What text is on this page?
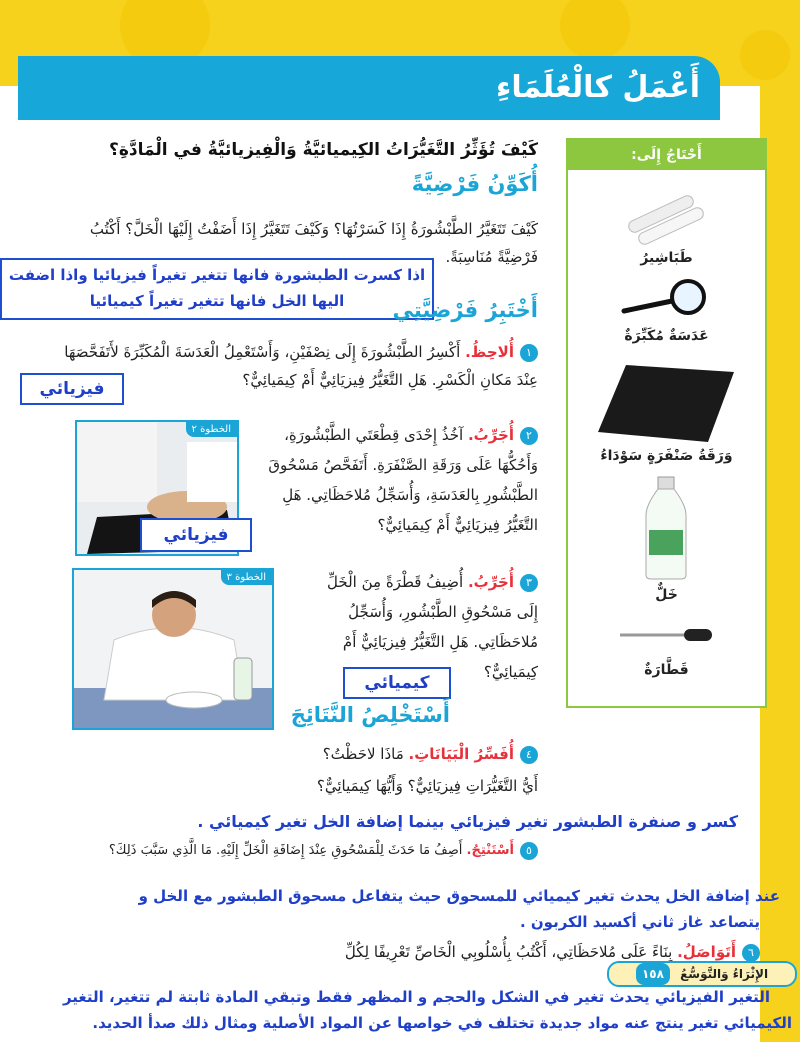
أَعْمَلُ كالْعُلَمَاءِ
أَحْتَاجُ إِلَى:
طَبَاشِيرُ
عَدَسَةٌ مُكَبِّرَةٌ
وَرَقَةُ صَنْفَرَةٍ سَوْدَاءُ
خَلٌّ
قَطَّارَةٌ
كَيْفَ تُؤَثِّرُ التَّغَيُّرَاتُ الكِيميائيَّةُ وَالْفِيزيائيَّةُ في الْمَادَّةِ؟
أُكَوِّنُ فَرْضِيَّةً
كَيْفَ تَتَغَيَّرُ الطَّبْشُورَةُ إِذَا كَسَرْتُهَا؟ وَكَيْفَ تَتَغَيَّرُ إِذَا أَضَفْتُ إِلَيْهَا الْخَلَّ؟ أَكْتُبُ فَرْضِيَّةً مُنَاسِبَةً.
اذا كسرت الطبشورة فانها تتغير تغيراً فيزيائيا واذا اضفت اليها الخل فانها تتغير تغيراً كيميائيا	أَخْتَبِرُ فَرْضِيَّتِي
١أُلاحِظُ. أَكْسِرُ الطَّبْشُورَةَ إِلَى نِصْفَيْنِ، وَأَسْتَعْمِلُ الْعَدَسَةَ الْمُكَبِّرَةَ لأَتَفَحَّصَهَا عِنْدَ مَكانِ الْكَسْرِ. هَلِ التَّغَيُّرُ فِيزيَائِيٌّ أَمْ كِيمَيائِيٌّ؟
فيزيائي
الخطوة ٢
فيزيائي
٢أُجَرِّبُ. آخُذُ إِحْدَى قِطْعَتَي الطَّبْشُورَةِ، وَأَحُكُّهَا عَلَى وَرَقَةِ الصَّنْفَرَةِ. أَتَفَحَّصُ مَسْحُوقَ الطَّبْشُورِ بِالعَدَسَةِ، وَأُسَجِّلُ مُلاحَظَاتِي. هَلِ التَّغَيُّرُ فِيزيَائِيٌّ أَمْ كِيمَيائِيٌّ؟
الخطوة ٣	٣أُجَرِّبُ. أُضِيفُ قَطْرَةً مِنَ الْخَلِّ إِلَى مَسْحُوقِ الطَّبْشُورِ، وَأُسَجِّلُ مُلاحَظَاتِي. هَلِ التَّغَيُّرُ فِيزيَائِيٌّ أَمْ كِيمَيائِيٌّ؟
كيميائي
أَسْتَخْلِصُ النَّتَائِجَ
٤أُفَسِّرُ الْبَيَانَاتِ. مَاذَا لاحَظْتُ؟
أَيُّ التَّغَيُّرَاتِ فِيزيَائِيٌّ؟ وَأَيُّهَا كِيمَيائِيٌّ؟
كسر و صنفرة الطبشور تغير فيزيائي بينما إضافة الخل تغير كيميائي .
٥أَسْتَنْتِجُ. أَصِفُ مَا حَدَثَ لِلْمَسْحُوقِ عِنْدَ إِضَافَةِ الْخَلِّ إِلَيْهِ. مَا الَّذِي سَبَّبَ ذَلِكَ؟
عند إضافة الخل يحدث تغير كيميائي للمسحوق حيث يتفاعل مسحوق الطبشور مع الخل و
يتصاعد غاز ثاني أكسيد الكربون .
٦أَتَوَاصَلُ. بِنَاءً عَلَى مُلاحَظَاتِي، أَكْتُبُ بِأُسْلُوبِي الْخَاصِّ تَعْرِيفًا لِكُلِّ
الإِثْرَاءُ وَالتَّوَسُّعُ ١٥٨
التغير الفيزيائي يحدث تغير في الشكل والحجم و المظهر فقط وتبقي المادة ثابتة لم تتغير، التغير
الكيميائي تغير ينتج عنه مواد جديدة تختلف في خواصها عن المواد الأصلية ومثال ذلك صدأ الحديد.
